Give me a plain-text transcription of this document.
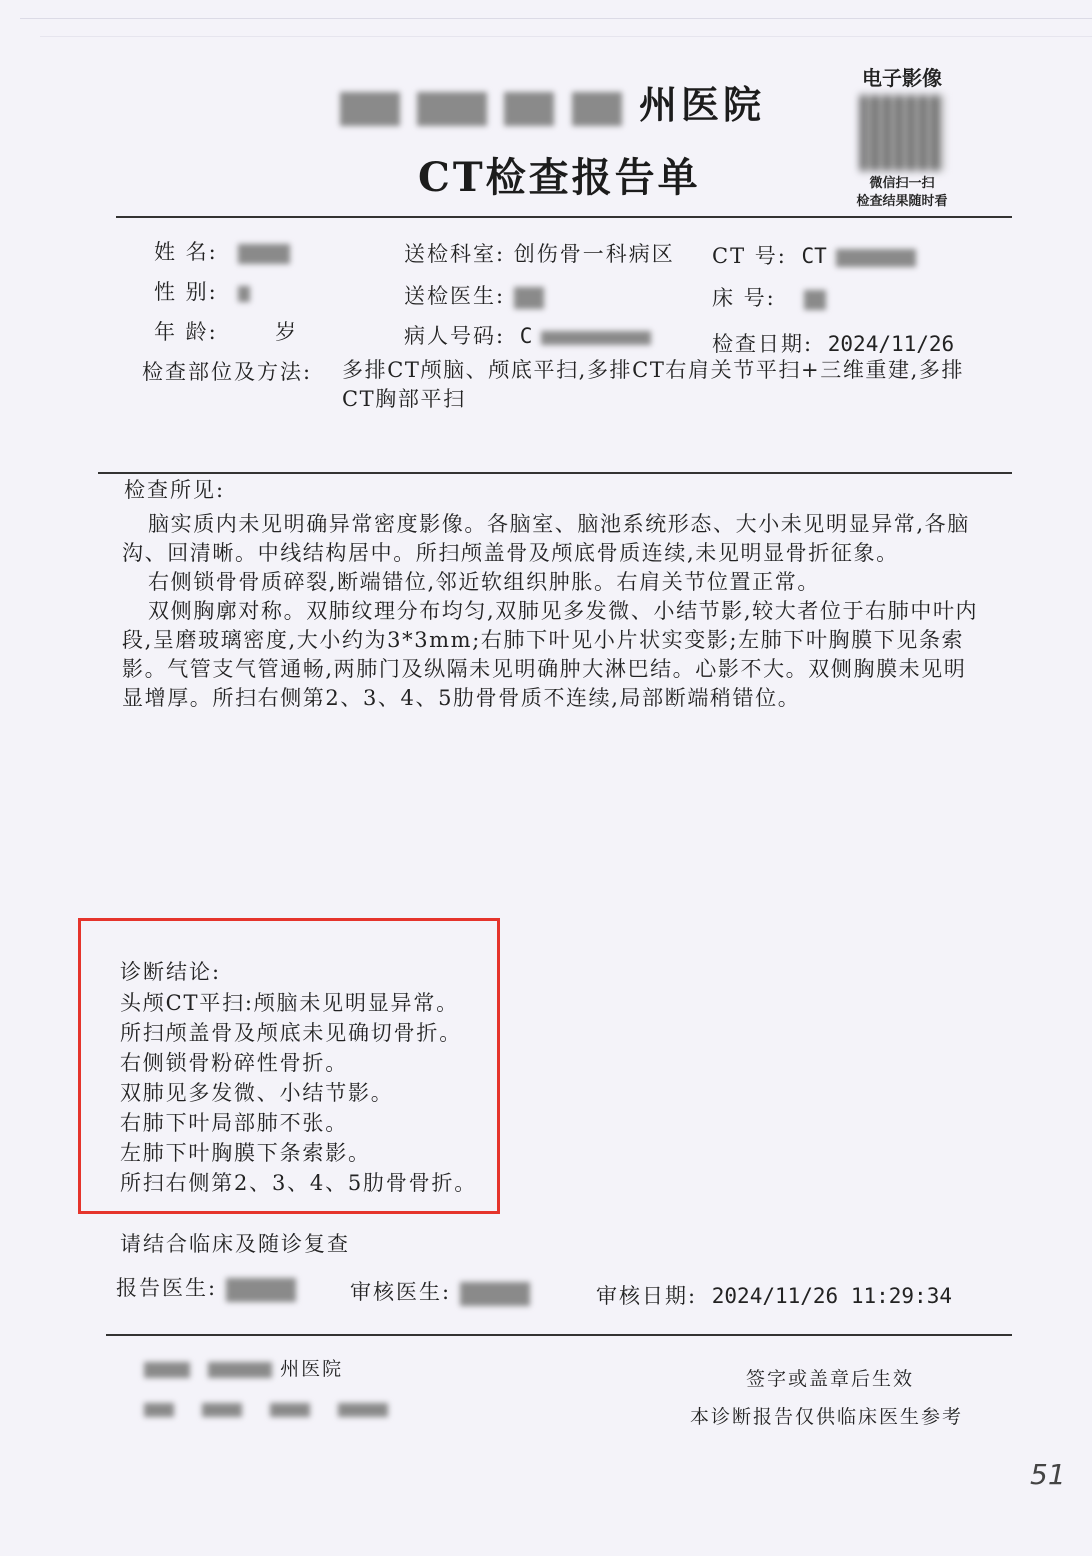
州医院
CT检查报告单
电子影像
微信扫一扫
检查结果随时看
姓 名:
性 别:
年 龄:	岁
送检科室: 创伤骨一科病区
送检医生:
病人号码: C
CT 号: CT
床 号:
检查日期: 2024/11/26
检查部位及方法: 多排CT颅脑、颅底平扫,多排CT右肩关节平扫+三维重建,多排CT胸部平扫
检查所见:

脑实质内未见明确异常密度影像。各脑室、脑池系统形态、大小未见明显异常,各脑沟、回清晰。中线结构居中。所扫颅盖骨及颅底骨质连续,未见明显骨折征象。

右侧锁骨骨质碎裂,断端错位,邻近软组织肿胀。右肩关节位置正常。

双侧胸廓对称。双肺纹理分布均匀,双肺见多发微、小结节影,较大者位于右肺中叶内段,呈磨玻璃密度,大小约为3*3mm;右肺下叶见小片状实变影;左肺下叶胸膜下见条索影。气管支气管通畅,两肺门及纵隔未见明确肿大淋巴结。心影不大。双侧胸膜未见明显增厚。所扫右侧第2、3、4、5肋骨骨质不连续,局部断端稍错位。

诊断结论:
头颅CT平扫:颅脑未见明显异常。
所扫颅盖骨及颅底未见确切骨折。
右侧锁骨粉碎性骨折。
双肺见多发微、小结节影。
右肺下叶局部肺不张。
左肺下叶胸膜下条索影。
所扫右侧第2、3、4、5肋骨骨折。
请结合临床及随诊复查
报告医生:	审核医生:	审核日期: 2024/11/26 11:29:34
州医院
	签字或盖章后生效
本诊断报告仅供临床医生参考
51
